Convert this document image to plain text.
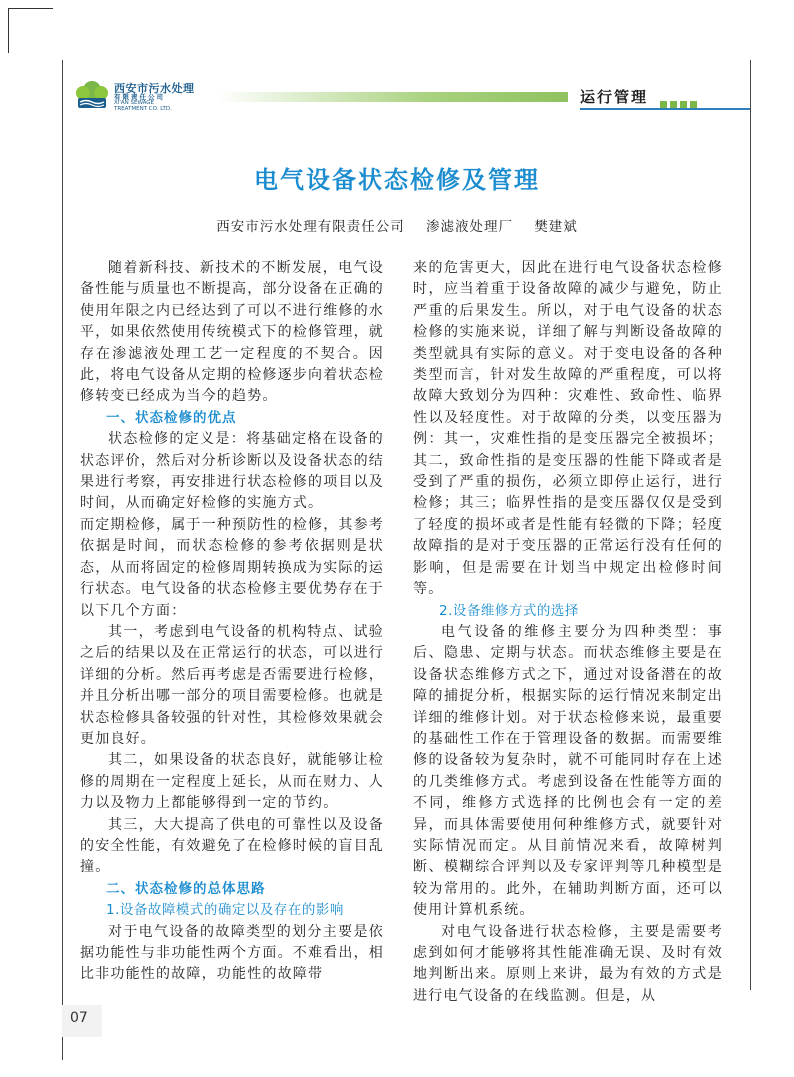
西安市污水处理
有限责任公司
XI'AN SEWAGE
TREATMENT CO. LTD.
运行管理
电气设备状态检修及管理
西安市污水处理有限责任公司 渗滤液处理厂 樊建斌

随着新科技、新技术的不断发展，电气设备性能与质量也不断提高，部分设备在正确的使用年限之内已经达到了可以不进行维修的水平，如果依然使用传统模式下的检修管理，就存在渗滤液处理工艺一定程度的不契合。因此，将电气设备从定期的检修逐步向着状态检修转变已经成为当今的趋势。

一、状态检修的优点

状态检修的定义是：将基础定格在设备的状态评价，然后对分析诊断以及设备状态的结果进行考察，再安排进行状态检修的项目以及时间，从而确定好检修的实施方式。

而定期检修，属于一种预防性的检修，其参考依据是时间，而状态检修的参考依据则是状态，从而将固定的检修周期转换成为实际的运行状态。电气设备的状态检修主要优势存在于以下几个方面：

其一，考虑到电气设备的机构特点、试验之后的结果以及在正常运行的状态，可以进行详细的分析。然后再考虑是否需要进行检修，并且分析出哪一部分的项目需要检修。也就是状态检修具备较强的针对性，其检修效果就会更加良好。

其二，如果设备的状态良好，就能够让检修的周期在一定程度上延长，从而在财力、人力以及物力上都能够得到一定的节约。

其三，大大提高了供电的可靠性以及设备的安全性能，有效避免了在检修时候的盲目乱撞。

二、状态检修的总体思路
1.设备故障模式的确定以及存在的影响

对于电气设备的故障类型的划分主要是依据功能性与非功能性两个方面。不难看出，相比非功能性的故障，功能性的故障带

来的危害更大，因此在进行电气设备状态检修时，应当着重于设备故障的减少与避免，防止严重的后果发生。所以，对于电气设备的状态检修的实施来说，详细了解与判断设备故障的类型就具有实际的意义。对于变电设备的各种类型而言，针对发生故障的严重程度，可以将故障大致划分为四种：灾难性、致命性、临界性以及轻度性。对于故障的分类，以变压器为例：其一，灾难性指的是变压器完全被损坏；其二，致命性指的是变压器的性能下降或者是受到了严重的损伤，必须立即停止运行，进行检修；其三；临界性指的是变压器仅仅是受到了轻度的损坏或者是性能有轻微的下降；轻度故障指的是对于变压器的正常运行没有任何的影响，但是需要在计划当中规定出检修时间等。

2.设备维修方式的选择

电气设备的维修主要分为四种类型：事后、隐患、定期与状态。而状态维修主要是在设备状态维修方式之下，通过对设备潜在的故障的捕捉分析，根据实际的运行情况来制定出详细的维修计划。对于状态检修来说，最重要的基础性工作在于管理设备的数据。而需要维修的设备较为复杂时，就不可能同时存在上述的几类维修方式。考虑到设备在性能等方面的不同，维修方式选择的比例也会有一定的差异，而具体需要使用何种维修方式，就要针对实际情况而定。从目前情况来看，故障树判断、模糊综合评判以及专家评判等几种模型是较为常用的。此外，在辅助判断方面，还可以使用计算机系统。

对电气设备进行状态检修，主要是需要考虑到如何才能够将其性能准确无误、及时有效地判断出来。原则上来讲，最为有效的方式是进行电气设备的在线监测。但是，从

07
